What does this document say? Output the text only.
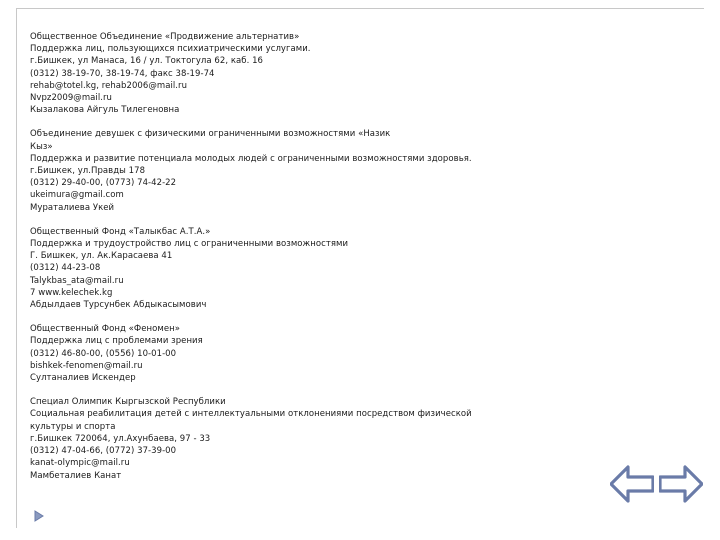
Общественное Объединение «Продвижение альтернатив»
Поддержка лиц, пользующихся психиатрическими услугами.
г.Бишкек, ул Манаса, 16 / ул. Токтогула 62, каб. 16
(0312) 38-19-70, 38-19-74, факс 38-19-74
rehab@totel.kg, rehab2006@mail.ru
Nvpz2009@mail.ru
Кызалакова Айгуль Тилегеновна
Объединение девушек с физическими ограниченными возможностями «Назик
Кыз»
Поддержка и развитие потенциала молодых людей с ограниченными возможностями здоровья.
г.Бишкек, ул.Правды 178
(0312) 29-40-00, (0773) 74-42-22
ukeimura@gmail.com
Мураталиева Укей
Общественный Фонд «Талыкбас А.Т.А.»
Поддержка и трудоустройство лиц с ограниченными возможностями
Г. Бишкек, ул. Ак.Карасаева 41
(0312) 44-23-08
Talykbas_ata@mail.ru
7 www.kelechek.kg
Абдылдаев Турсунбек Абдыкасымович
Общественный Фонд «Феномен»
Поддержка лиц с проблемами зрения
(0312) 46-80-00, (0556) 10-01-00
bishkek-fenomen@mail.ru
Султаналиев Искендер
Специал Олимпик Кыргызской Республики
Социальная реабилитация детей с интеллектуальными отклонениями посредством физической
культуры и спорта
г.Бишкек 720064, ул.Ахунбаева, 97 - 33
(0312) 47-04-66, (0772) 37-39-00
kanat-olympic@mail.ru
Мамбеталиев Канат
